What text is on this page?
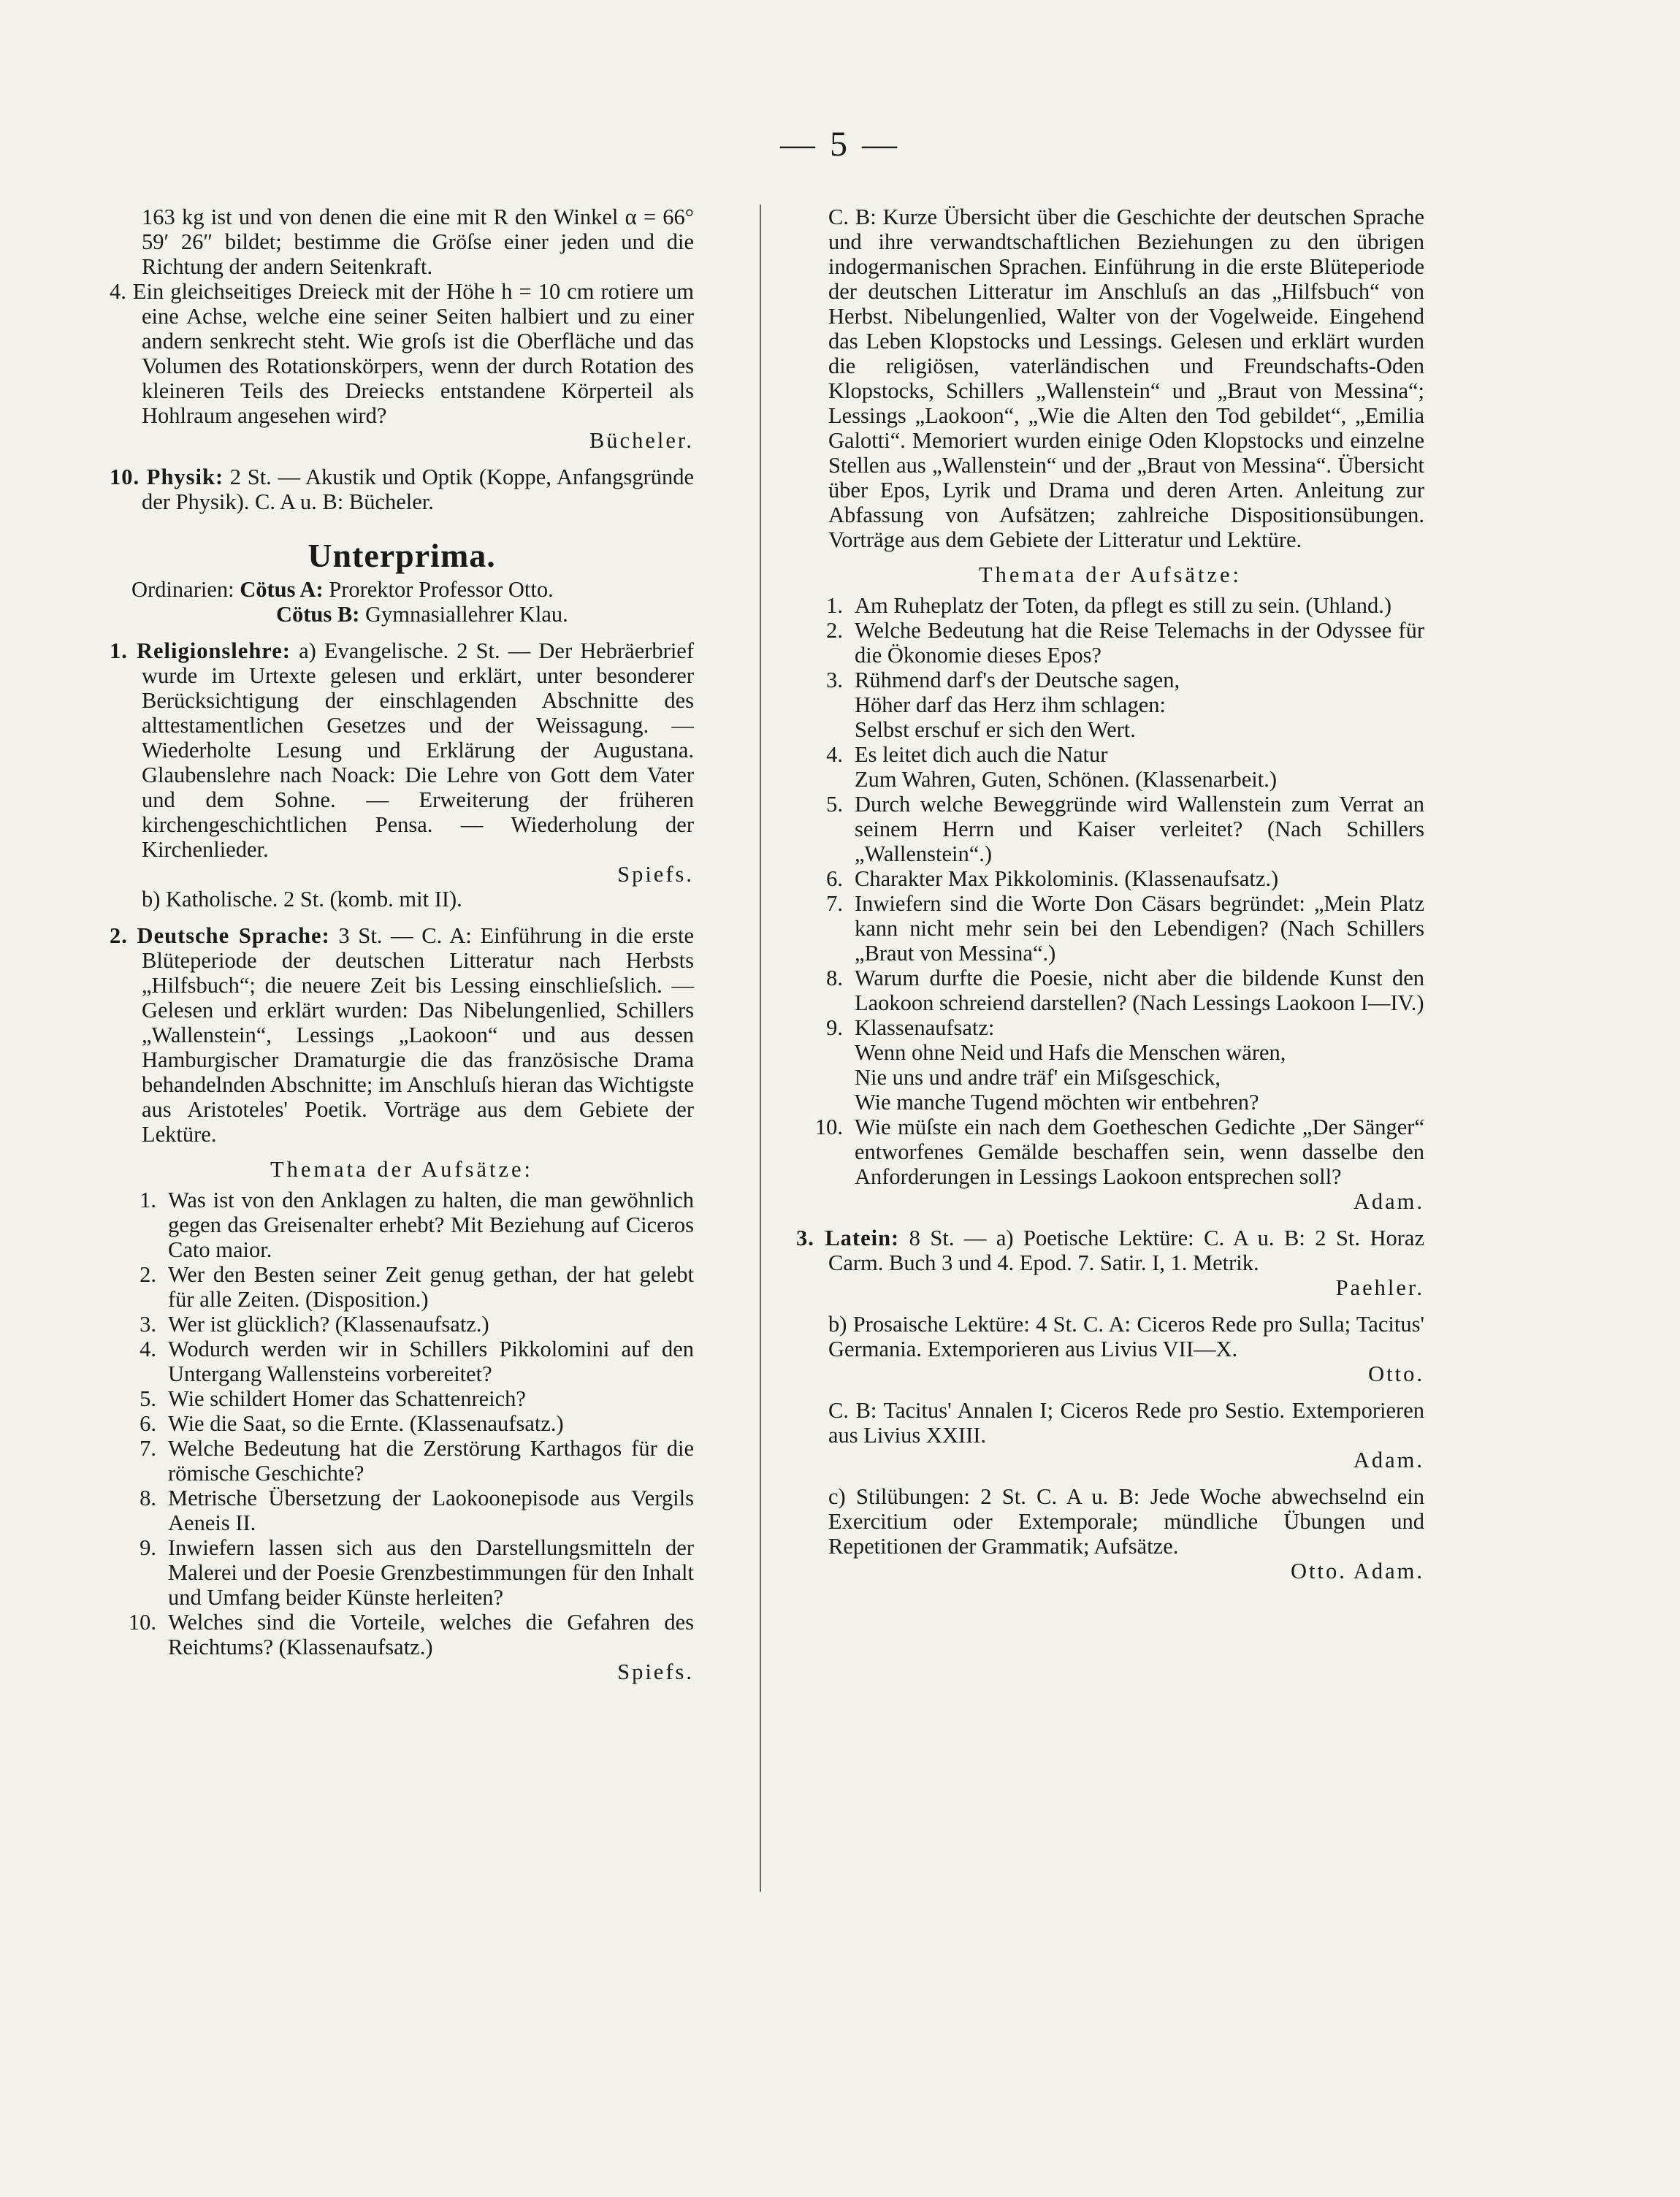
— 5 —

163 kg ist und von denen die eine mit R den Winkel α = 66° 59′ 26″ bildet; bestimme die Gröſse einer jeden und die Richtung der andern Seitenkraft.

4. Ein gleichseitiges Dreieck mit der Höhe h = 10 cm rotiere um eine Achse, welche eine seiner Seiten halbiert und zu einer andern senkrecht steht. Wie groſs ist die Oberfläche und das Volumen des Rotationskörpers, wenn der durch Rotation des kleineren Teils des Dreiecks entstandene Körperteil als Hohlraum angesehen wird?

Bücheler.

10. Physik: 2 St. — Akustik und Optik (Koppe, Anfangsgründe der Physik). C. A u. B: Bücheler.

Unterprima.

Ordinarien: Cötus A: Prorektor Professor Otto.

Cötus B: Gymnasiallehrer Klau.

1. Religionslehre: a) Evangelische. 2 St. — Der Hebräerbrief wurde im Urtexte gelesen und erklärt, unter besonderer Berücksichtigung der einschlagenden Abschnitte des alttestamentlichen Gesetzes und der Weissagung. — Wiederholte Lesung und Erklärung der Augustana. Glaubenslehre nach Noack: Die Lehre von Gott dem Vater und dem Sohne. — Erweiterung der früheren kirchengeschichtlichen Pensa. — Wiederholung der Kirchenlieder.

Spiefs.

b) Katholische. 2 St. (komb. mit II).

2. Deutsche Sprache: 3 St. — C. A: Einführung in die erste Blüteperiode der deutschen Litteratur nach Herbsts „Hilfsbuch“; die neuere Zeit bis Lessing einschlieſslich. — Gelesen und erklärt wurden: Das Nibelungenlied, Schillers „Wallenstein“, Lessings „Laokoon“ und aus dessen Hamburgischer Dramaturgie die das französische Drama behandelnden Abschnitte; im Anschluſs hieran das Wichtigste aus Aristoteles' Poetik. Vorträge aus dem Gebiete der Lektüre.

Themata der Aufsätze:

1. Was ist von den Anklagen zu halten, die man gewöhnlich gegen das Greisenalter erhebt? Mit Beziehung auf Ciceros Cato maior.
2. Wer den Besten seiner Zeit genug gethan, der hat gelebt für alle Zeiten. (Disposition.)
3. Wer ist glücklich? (Klassenaufsatz.)
4. Wodurch werden wir in Schillers Pikkolomini auf den Untergang Wallensteins vorbereitet?
5. Wie schildert Homer das Schattenreich?
6. Wie die Saat, so die Ernte. (Klassenaufsatz.)
7. Welche Bedeutung hat die Zerstörung Karthagos für die römische Geschichte?
8. Metrische Übersetzung der Laokoonepisode aus Vergils Aeneis II.
9. Inwiefern lassen sich aus den Darstellungsmitteln der Malerei und der Poesie Grenzbestimmungen für den Inhalt und Umfang beider Künste herleiten?
10. Welches sind die Vorteile, welches die Gefahren des Reichtums? (Klassenaufsatz.)

Spiefs.

C. B: Kurze Übersicht über die Geschichte der deutschen Sprache und ihre verwandtschaftlichen Beziehungen zu den übrigen indogermanischen Sprachen. Einführung in die erste Blüteperiode der deutschen Litteratur im Anschluſs an das „Hilfsbuch“ von Herbst. Nibelungenlied, Walter von der Vogelweide. Eingehend das Leben Klopstocks und Lessings. Gelesen und erklärt wurden die religiösen, vaterländischen und Freundschafts-Oden Klopstocks, Schillers „Wallenstein“ und „Braut von Messina“; Lessings „Laokoon“, „Wie die Alten den Tod gebildet“, „Emilia Galotti“. Memoriert wurden einige Oden Klopstocks und einzelne Stellen aus „Wallenstein“ und der „Braut von Messina“. Übersicht über Epos, Lyrik und Drama und deren Arten. Anleitung zur Abfassung von Aufsätzen; zahlreiche Dispositionsübungen. Vorträge aus dem Gebiete der Litteratur und Lektüre.

Themata der Aufsätze:

1. Am Ruheplatz der Toten, da pflegt es still zu sein. (Uhland.)
2. Welche Bedeutung hat die Reise Telemachs in der Odyssee für die Ökonomie dieses Epos?
3. Rühmend darf's der Deutsche sagen,
Höher darf das Herz ihm schlagen:
Selbst erschuf er sich den Wert.
4. Es leitet dich auch die Natur
Zum Wahren, Guten, Schönen. (Klassenarbeit.)
5. Durch welche Beweggründe wird Wallenstein zum Verrat an seinem Herrn und Kaiser verleitet? (Nach Schillers „Wallenstein“.)
6. Charakter Max Pikkolominis. (Klassenaufsatz.)
7. Inwiefern sind die Worte Don Cäsars begründet: „Mein Platz kann nicht mehr sein bei den Lebendigen? (Nach Schillers „Braut von Messina“.)
8. Warum durfte die Poesie, nicht aber die bildende Kunst den Laokoon schreiend darstellen? (Nach Lessings Laokoon I—IV.)
9. Klassenaufsatz:
Wenn ohne Neid und Hafs die Menschen wären,
Nie uns und andre träf' ein Miſsgeschick,
Wie manche Tugend möchten wir entbehren?
10. Wie müſste ein nach dem Goetheschen Gedichte „Der Sänger“ entworfenes Gemälde beschaffen sein, wenn dasselbe den Anforderungen in Lessings Laokoon entsprechen soll?

Adam.

3. Latein: 8 St. — a) Poetische Lektüre: C. A u. B: 2 St. Horaz Carm. Buch 3 und 4. Epod. 7. Satir. I, 1. Metrik.

Paehler.

b) Prosaische Lektüre: 4 St. C. A: Ciceros Rede pro Sulla; Tacitus' Germania. Extemporieren aus Livius VII—X.

Otto.

C. B: Tacitus' Annalen I; Ciceros Rede pro Sestio. Extemporieren aus Livius XXIII.

Adam.

c) Stilübungen: 2 St. C. A u. B: Jede Woche abwechselnd ein Exercitium oder Extemporale; mündliche Übungen und Repetitionen der Grammatik; Aufsätze.

Otto. Adam.
